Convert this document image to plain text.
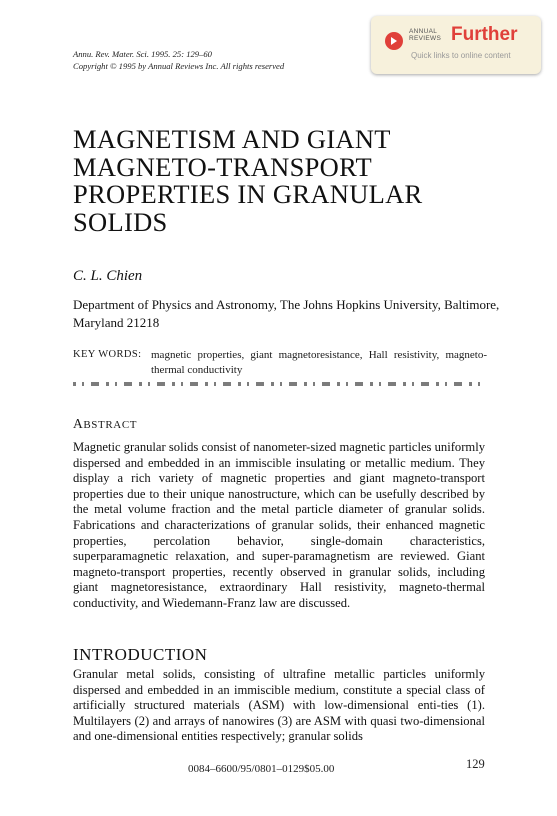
Annu. Rev. Mater. Sci. 1995. 25: 129–60
Copyright © 1995 by Annual Reviews Inc. All rights reserved
ANNUAL
REVIEWS Further
Quick links to online content
MAGNETISM AND GIANT MAGNETO-TRANSPORT PROPERTIES IN GRANULAR SOLIDS
C. L. Chien
Department of Physics and Astronomy, The Johns Hopkins University, Baltimore, Maryland 21218
KEY WORDS: magnetic properties, giant magnetoresistance, Hall resistivity, magneto-thermal conductivity
ABSTRACT
Magnetic granular solids consist of nanometer-sized magnetic particles uniformly dispersed and embedded in an immiscible insulating or metallic medium. They display a rich variety of magnetic properties and giant magneto-transport properties due to their unique nanostructure, which can be usefully described by the metal volume fraction and the metal particle diameter of granular solids. Fabrications and characterizations of granular solids, their enhanced magnetic properties, percolation behavior, single-domain characteristics, superparamagnetic relaxation, and super-paramagnetism are reviewed. Giant magneto-transport properties, recently observed in granular solids, including giant magnetoresistance, extraordinary Hall resistivity, magneto-thermal conductivity, and Wiedemann-Franz law are discussed.
INTRODUCTION
Granular metal solids, consisting of ultrafine metallic particles uniformly dispersed and embedded in an immiscible medium, constitute a special class of artificially structured materials (ASM) with low-dimensional enti-ties (1). Multilayers (2) and arrays of nanowires (3) are ASM with quasi two-dimensional and one-dimensional entities respectively; granular solids
0084–6600/95/0801–0129$05.00	129
